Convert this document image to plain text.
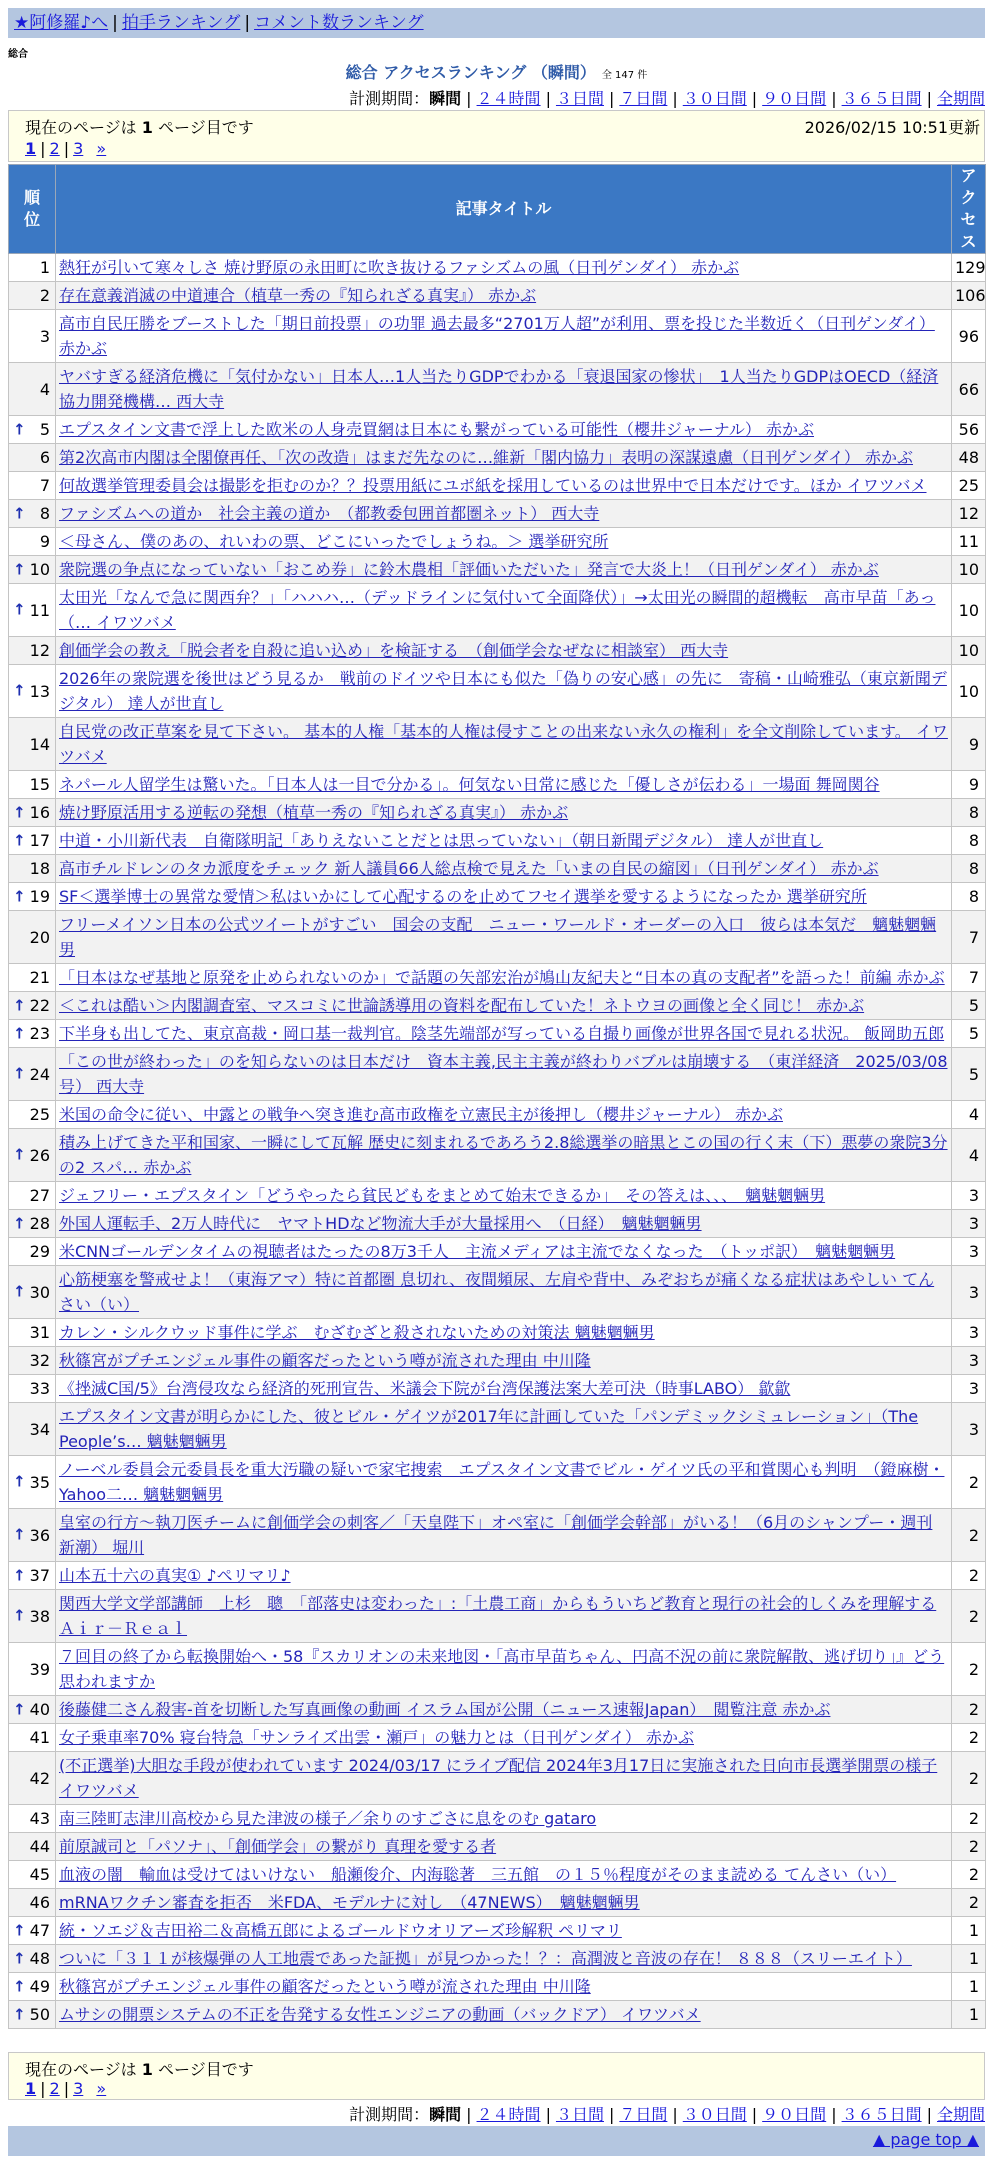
★阿修羅♪へ | 拍手ランキング | コメント数ランキング
総合
総合 アクセスランキング （瞬間） 全 147 件
計測期間：瞬間 | ２４時間 | ３日間 | ７日間 | ３０日間 | ９０日間 | ３６５日間 | 全期間
現在のページは 1 ページ目です	2026/02/15 10:51更新
1 | 2 | 3 »
順位	記事タイトル	アクセス
1	熱狂が引いて寒々しさ 焼け野原の永田町に吹き抜けるファシズムの風（日刊ゲンダイ） 赤かぶ	129
2	存在意義消滅の中道連合（植草一秀の『知られざる真実』） 赤かぶ	106
3	高市自民圧勝をブーストした「期日前投票」の功罪 過去最多“2701万人超”が利用、票を投じた半数近く（日刊ゲンダイ） 赤かぶ	96
4	ヤバすぎる経済危機に「気付かない」日本人…1人当たりGDPでわかる「衰退国家の惨状」　1人当たりGDPはOECD（経済協力開発機構… 西大寺	66

↑ 5	エプスタイン文書で浮上した欧米の人身売買網は日本にも繋がっている可能性（櫻井ジャーナル） 赤かぶ	56
6	第2次高市内閣は全閣僚再任、「次の改造」はまだ先なのに…維新「閣内協力」表明の深謀遠慮（日刊ゲンダイ） 赤かぶ	48
7	何故選挙管理委員会は撮影を拒むのか？？投票用紙にユポ紙を採用しているのは世界中で日本だけです。ほか イワツバメ	25

↑ 8	ファシズムへの道か　社会主義の道か　（都教委包囲首都圏ネット） 西大寺	12
9	＜母さん、僕のあの、れいわの票、どこにいったでしょうね。＞ 選挙研究所	11

↑ 10	衆院選の争点になっていない「おこめ券」に鈴木農相「評価いただいた」発言で大炎上！（日刊ゲンダイ） 赤かぶ	10

↑ 11	太田光「なんで急に関西弁？」「ハハハ…（デッドラインに気付いて全面降伏）」→太田光の瞬間的超機転　高市早苗「あっ（… イワツバメ	10
12	創価学会の教え「脱会者を自殺に追い込め」を検証する　（創価学会なぜなに相談室） 西大寺	10

↑ 13	2026年の衆院選を後世はどう見るか　戦前のドイツや日本にも似た「偽りの安心感」の先に　寄稿・山崎雅弘（東京新聞デジタル） 達人が世直し	10
14	自民党の改正草案を見て下さい。 基本的人権「基本的人権は侵すことの出来ない永久の権利」を全文削除しています。 イワツバメ	9
15	ネパール人留学生は驚いた。「日本人は一目で分かる」。何気ない日常に感じた「優しさが伝わる」一場面 舞岡関谷	9

↑ 16	焼け野原活用する逆転の発想（植草一秀の『知られざる真実』） 赤かぶ	8

↑ 17	中道・小川新代表　自衛隊明記「ありえないことだとは思っていない」（朝日新聞デジタル） 達人が世直し	8
18	高市チルドレンのタカ派度をチェック 新人議員66人総点検で見えた「いまの自民の縮図」（日刊ゲンダイ） 赤かぶ	8

↑ 19	SF＜選挙博士の異常な愛情＞私はいかにして心配するのを止めてフセイ選挙を愛するようになったか 選挙研究所	8
20	フリーメイソン日本の公式ツイートがすごい　国会の支配　ニュー・ワールド・オーダーの入口　彼らは本気だ　魑魅魍魎男	7
21	「日本はなぜ基地と原発を止められないのか」で話題の矢部宏治が鳩山友紀夫と“日本の真の支配者”を語った！前編 赤かぶ	7

↑ 22	＜これは酷い＞内閣調査室、マスコミに世論誘導用の資料を配布していた！ネトウヨの画像と全く同じ！ 赤かぶ	5

↑ 23	下半身も出してた、東京高裁・岡口基一裁判官。陰茎先端部が写っている自撮り画像が世界各国で見れる状況。 飯岡助五郎	5

↑ 24	「この世が終わった」のを知らないのは日本だけ　資本主義,民主主義が終わりバブルは崩壊する　（東洋経済　2025/03/08号） 西大寺	5
25	米国の命令に従い、中露との戦争へ突き進む高市政権を立憲民主が後押し（櫻井ジャーナル） 赤かぶ	4

↑ 26	積み上げてきた平和国家、一瞬にして瓦解 歴史に刻まれるであろう2.8総選挙の暗黒とこの国の行く末（下）悪夢の衆院3分の2 スパ… 赤かぶ	4
27	ジェフリー・エプスタイン「どうやったら貧民どもをまとめて始末できるか」　その答えは、、、　魑魅魍魎男	3

↑ 28	外国人運転手、2万人時代に　ヤマトHDなど物流大手が大量採用へ　（日経）　魑魅魍魎男	3
29	米CNNゴールデンタイムの視聴者はたったの8万3千人　主流メディアは主流でなくなった　（トッポ訳）　魑魅魍魎男	3

↑ 30	心筋梗塞を警戒せよ！（東海アマ）特に首都圏 息切れ、夜間頻尿、左肩や背中、みぞおちが痛くなる症状はあやしい てんさい（い）	3
31	カレン・シルクウッド事件に学ぶ　むざむざと殺されないための対策法 魑魅魍魎男	3
32	秋篠宮がプチエンジェル事件の顧客だったという噂が流された理由 中川隆	3
33	《挫滅C国/5》台湾侵攻なら経済的死刑宣告、米議会下院が台湾保護法案大差可決（時事LABO） 歙歙	3
34	エプスタイン文書が明らかにした、彼とビル・ゲイツが2017年に計画していた「パンデミックシミュレーション」（The People’s… 魑魅魍魎男	3

↑ 35	ノーベル委員会元委員長を重大汚職の疑いで家宅捜索　エプスタイン文書でビル・ゲイツ氏の平和賞関心も判明　（鐙麻樹・Yahoo二… 魑魅魍魎男	2

↑ 36	皇室の行方〜執刀医チームに創価学会の刺客／「天皇陛下」オペ室に「創価学会幹部」がいる！（6月のシャンプー・週刊新潮） 堀川	2

↑ 37	山本五十六の真実① ♪ペリマリ♪	2

↑ 38	関西大学文学部講師　上杉　聰　「部落史は変わった」:「土農工商」からもういちど教育と現行の社会的しくみを理解するＡｉｒ－Ｒｅａｌ	2
39	７回目の終了から転換開始へ・58『スカリオンの未来地図・「高市早苗ちゃん、円高不況の前に衆院解散、逃げ切り」』どう思われますか	2

↑ 40	後藤健二さん殺害-首を切断した写真画像の動画 イスラム国が公開（ニュース速報Japan）　閲覧注意 赤かぶ	2
41	女子乗車率70% 寝台特急「サンライズ出雲・瀬戸」の魅力とは（日刊ゲンダイ） 赤かぶ	2
42	(不正選挙)大胆な手段が使われています 2024/03/17 にライブ配信 2024年3月17日に実施された日向市長選挙開票の様子 イワツバメ	2
43	南三陸町志津川高校から見た津波の様子／余りのすごさに息をのむ gataro	2
44	前原誠司と「パソナ」、「創価学会」の繋がり 真理を愛する者	2
45	血液の闇　輸血は受けてはいけない　船瀬俊介、内海聡著　三五館　の１５％程度がそのまま読める てんさい（い）	2
46	mRNAワクチン審査を拒否　米FDA、モデルナに対し　（47NEWS）　魑魅魍魎男	2

↑ 47	統・ソエジ＆吉田裕二＆高橋五郎によるゴールドウオリアーズ珍解釈 ペリマリ	1

↑ 48	ついに「３１１が核爆弾の人工地震であった証拠」が見つかった！？：高潤波と音波の存在！ ８８８（スリーエイト）	1

↑ 49	秋篠宮がプチエンジェル事件の顧客だったという噂が流された理由 中川隆	1

↑ 50	ムサシの開票システムの不正を告発する女性エンジニアの動画（バックドア） イワツバメ	1
現在のページは 1 ページ目です
1 | 2 | 3 »
計測期間：瞬間 | ２４時間 | ３日間 | ７日間 | ３０日間 | ９０日間 | ３６５日間 | 全期間
▲ page top ▲
